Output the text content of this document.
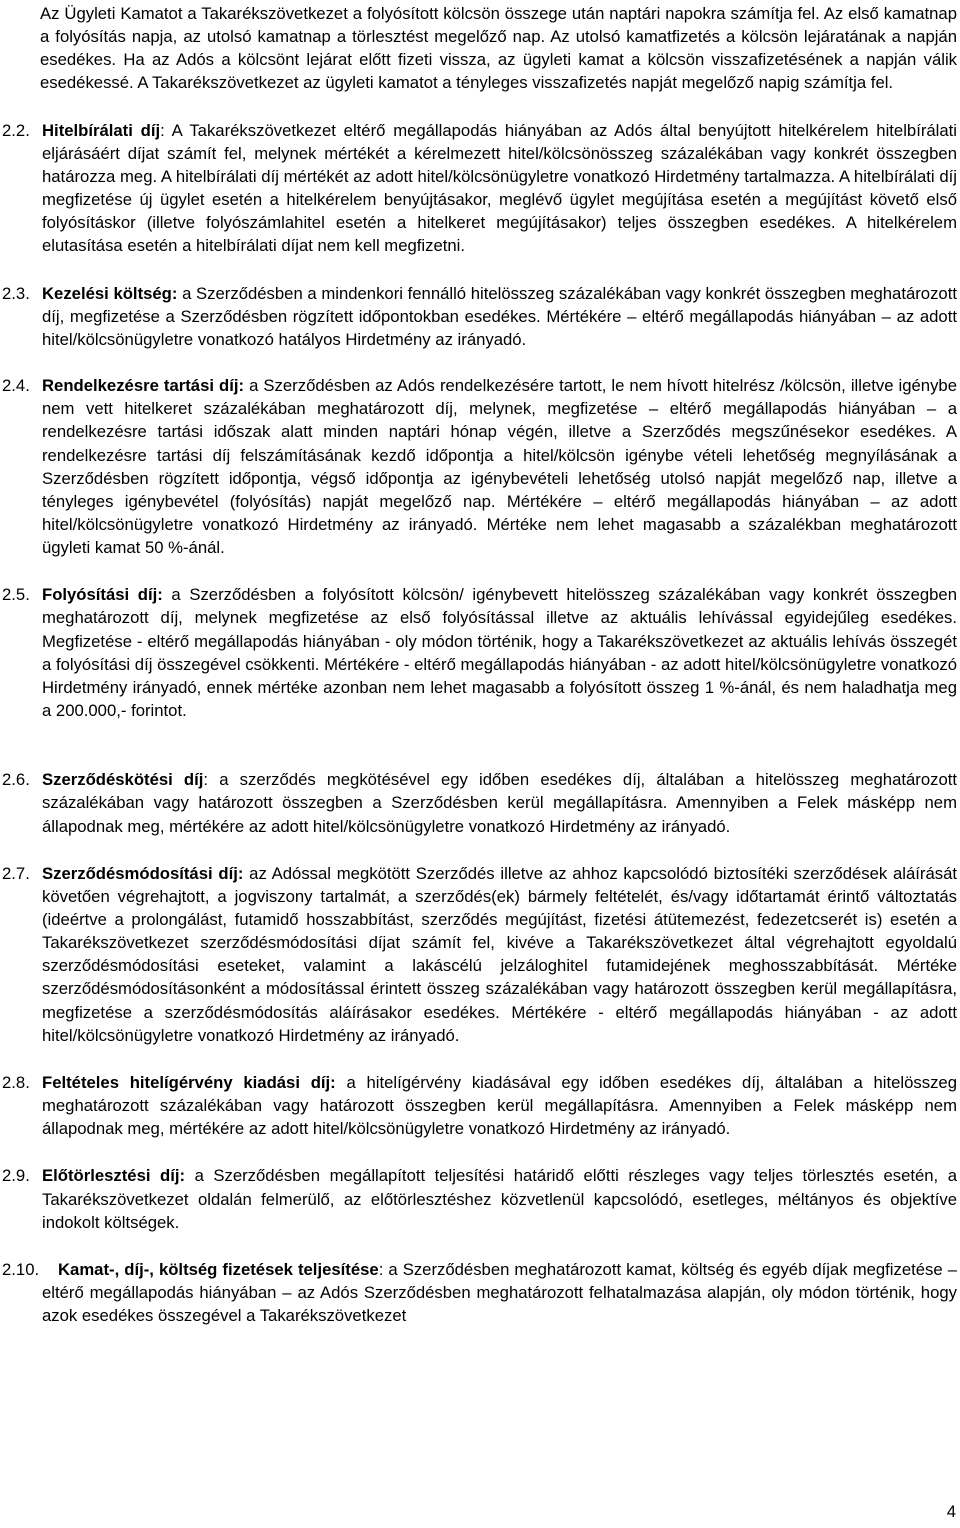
Az Ügyleti Kamatot a Takarékszövetkezet a folyósított kölcsön összege után naptári napokra számítja fel. Az első kamatnap a folyósítás napja, az utolsó kamatnap a törlesztést megelőző nap. Az utolsó kamatfizetés a kölcsön lejáratának a napján esedékes. Ha az Adós a kölcsönt lejárat előtt fizeti vissza, az ügyleti kamat a kölcsön visszafizetésének a napján válik esedékessé. A Takarékszövetkezet az ügyleti kamatot a tényleges visszafizetés napját megelőző napig számítja fel.

2.2. Hitelbírálati díj: A Takarékszövetkezet eltérő megállapodás hiányában az Adós által benyújtott hitelkérelem hitelbírálati eljárásáért díjat számít fel, melynek mértékét a kérelmezett hitel/kölcsönösszeg százalékában vagy konkrét összegben határozza meg. A hitelbírálati díj mértékét az adott hitel/kölcsönügyletre vonatkozó Hirdetmény tartalmazza. A hitelbírálati díj megfizetése új ügylet esetén a hitelkérelem benyújtásakor, meglévő ügylet megújítása esetén a megújítást követő első folyósításkor (illetve folyószámlahitel esetén a hitelkeret megújításakor) teljes összegben esedékes. A hitelkérelem elutasítása esetén a hitelbírálati díjat nem kell megfizetni.

2.3. Kezelési költség: a Szerződésben a mindenkori fennálló hitelösszeg százalékában vagy konkrét összegben meghatározott díj, megfizetése a Szerződésben rögzített időpontokban esedékes. Mértékére – eltérő megállapodás hiányában – az adott hitel/kölcsönügyletre vonatkozó hatályos Hirdetmény az irányadó.

2.4. Rendelkezésre tartási díj: a Szerződésben az Adós rendelkezésére tartott, le nem hívott hitelrész /kölcsön, illetve igénybe nem vett hitelkeret százalékában meghatározott díj, melynek, megfizetése – eltérő megállapodás hiányában – a rendelkezésre tartási időszak alatt minden naptári hónap végén, illetve a Szerződés megszűnésekor esedékes. A rendelkezésre tartási díj felszámításának kezdő időpontja a hitel/kölcsön igénybe vételi lehetőség megnyílásának a Szerződésben rögzített időpontja, végső időpontja az igénybevételi lehetőség utolsó napját megelőző nap, illetve a tényleges igénybevétel (folyósítás) napját megelőző nap. Mértékére – eltérő megállapodás hiányában – az adott hitel/kölcsönügyletre vonatkozó Hirdetmény az irányadó. Mértéke nem lehet magasabb a százalékban meghatározott ügyleti kamat 50 %-ánál.

2.5. Folyósítási díj: a Szerződésben a folyósított kölcsön/ igénybevett hitelösszeg százalékában vagy konkrét összegben meghatározott díj, melynek megfizetése az első folyósítással illetve az aktuális lehívással egyidejűleg esedékes. Megfizetése - eltérő megállapodás hiányában - oly módon történik, hogy a Takarékszövetkezet az aktuális lehívás összegét a folyósítási díj összegével csökkenti. Mértékére - eltérő megállapodás hiányában - az adott hitel/kölcsönügyletre vonatkozó Hirdetmény irányadó, ennek mértéke azonban nem lehet magasabb a folyósított összeg 1 %-ánál, és nem haladhatja meg a 200.000,- forintot.

2.6. Szerződéskötési díj: a szerződés megkötésével egy időben esedékes díj, általában a hitelösszeg meghatározott százalékában vagy határozott összegben a Szerződésben kerül megállapításra. Amennyiben a Felek másképp nem állapodnak meg, mértékére az adott hitel/kölcsönügyletre vonatkozó Hirdetmény az irányadó.

2.7. Szerződésmódosítási díj: az Adóssal megkötött Szerződés illetve az ahhoz kapcsolódó biztosítéki szerződések aláírását követően végrehajtott, a jogviszony tartalmát, a szerződés(ek) bármely feltételét, és/vagy időtartamát érintő változtatás (ideértve a prolongálást, futamidő hosszabbítást, szerződés megújítást, fizetési átütemezést, fedezetcserét is) esetén a Takarékszövetkezet szerződésmódosítási díjat számít fel, kivéve a Takarékszövetkezet által végrehajtott egyoldalú szerződésmódosítási eseteket, valamint a lakáscélú jelzáloghitel futamidejének meghosszabbítását. Mértéke szerződésmódosításonként a módosítással érintett összeg százalékában vagy határozott összegben kerül megállapításra, megfizetése a szerződésmódosítás aláírásakor esedékes. Mértékére - eltérő megállapodás hiányában - az adott hitel/kölcsönügyletre vonatkozó Hirdetmény az irányadó.

2.8. Feltételes hitelígérvény kiadási díj: a hitelígérvény kiadásával egy időben esedékes díj, általában a hitelösszeg meghatározott százalékában vagy határozott összegben kerül megállapításra. Amennyiben a Felek másképp nem állapodnak meg, mértékére az adott hitel/kölcsönügyletre vonatkozó Hirdetmény az irányadó.

2.9. Előtörlesztési díj: a Szerződésben megállapított teljesítési határidő előtti részleges vagy teljes törlesztés esetén, a Takarékszövetkezet oldalán felmerülő, az előtörlesztéshez közvetlenül kapcsolódó, esetleges, méltányos és objektíve indokolt költségek.

2.10.	Kamat-, díj-, költség fizetések teljesítése: a Szerződésben meghatározott kamat, költség és egyéb díjak megfizetése – eltérő megállapodás hiányában – az Adós Szerződésben meghatározott felhatalmazása alapján, oly módon történik, hogy azok esedékes összegével a Takarékszövetkezet

4
